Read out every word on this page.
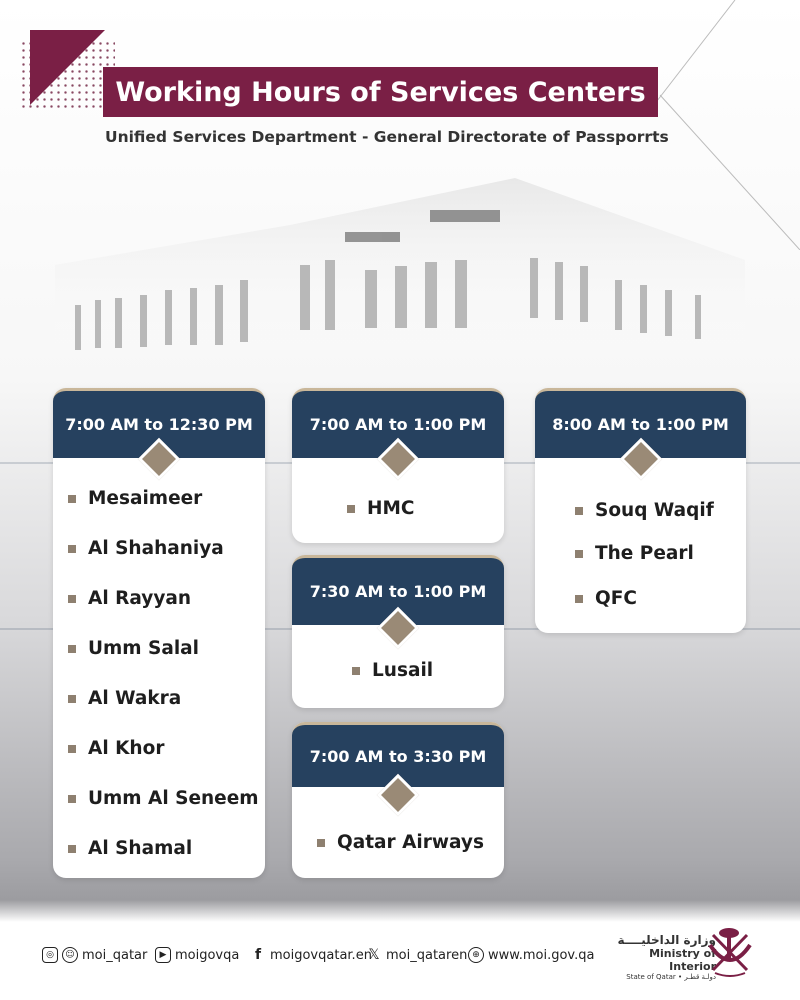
Working Hours of Services Centers
Unified Services Department - General Directorate of Passporrts
7:00 AM to 12:30 PM
Mesaimeer
Al Shahaniya
Al Rayyan
Umm Salal
Al Wakra
Al Khor
Umm Al Seneem
Al Shamal
7:00 AM to 1:00 PM
HMC
7:30 AM to 1:00 PM
Lusail
7:00 AM to 3:30 PM
Qatar Airways
8:00 AM to 1:00 PM
Souq Waqif
The Pearl
QFC
◎	☺ moi_qatar	▶ moigovqa	f moigovqatar.en
𝕏 moi_qataren ⊕ www.moi.gov.qa
وزارة الداخليــــة
Ministry of Interior
State of Qatar • دولـة قطـر
